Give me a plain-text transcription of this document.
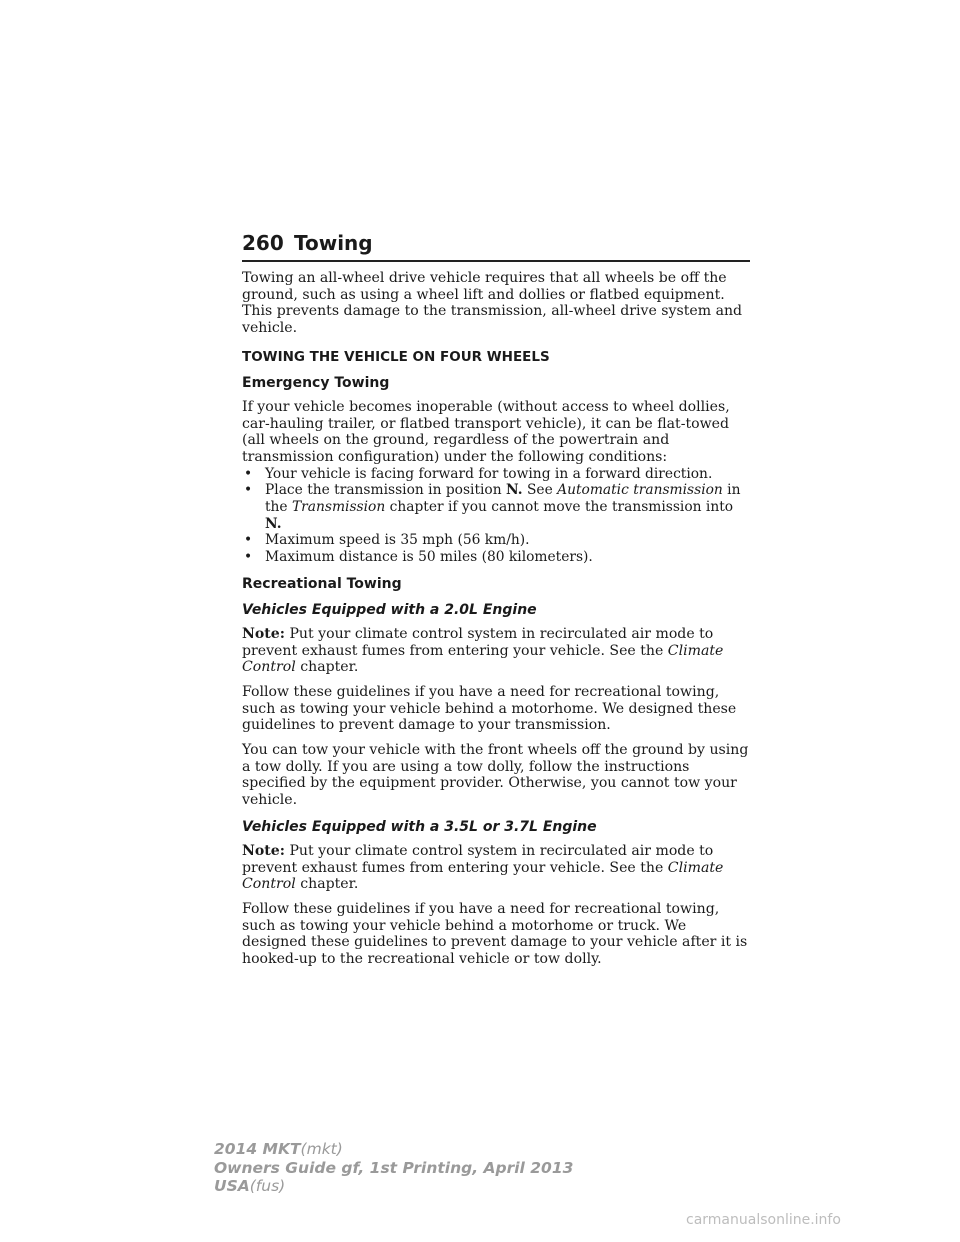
260 Towing

Towing an all-wheel drive vehicle requires that all wheels be off the ground, such as using a wheel lift and dollies or flatbed equipment. This prevents damage to the transmission, all-wheel drive system and vehicle.

TOWING THE VEHICLE ON FOUR WHEELS
Emergency Towing

If your vehicle becomes inoperable (without access to wheel dollies, car-hauling trailer, or flatbed transport vehicle), it can be flat-towed (all wheels on the ground, regardless of the powertrain and transmission configuration) under the following conditions:

• Your vehicle is facing forward for towing in a forward direction.
• Place the transmission in position N. See Automatic transmission in the Transmission chapter if you cannot move the transmission into N.
• Maximum speed is 35 mph (56 km/h).
• Maximum distance is 50 miles (80 kilometers).
Recreational Towing
Vehicles Equipped with a 2.0L Engine

Note: Put your climate control system in recirculated air mode to prevent exhaust fumes from entering your vehicle. See the Climate Control chapter.

Follow these guidelines if you have a need for recreational towing, such as towing your vehicle behind a motorhome. We designed these guidelines to prevent damage to your transmission.

You can tow your vehicle with the front wheels off the ground by using a tow dolly. If you are using a tow dolly, follow the instructions specified by the equipment provider. Otherwise, you cannot tow your vehicle.

Vehicles Equipped with a 3.5L or 3.7L Engine

Note: Put your climate control system in recirculated air mode to prevent exhaust fumes from entering your vehicle. See the Climate Control chapter.

Follow these guidelines if you have a need for recreational towing, such as towing your vehicle behind a motorhome or truck. We designed these guidelines to prevent damage to your vehicle after it is hooked-up to the recreational vehicle or tow dolly.

2014 MKT(mkt)
Owners Guide gf, 1st Printing, April 2013
USA(fus)
carmanualsonline.info
